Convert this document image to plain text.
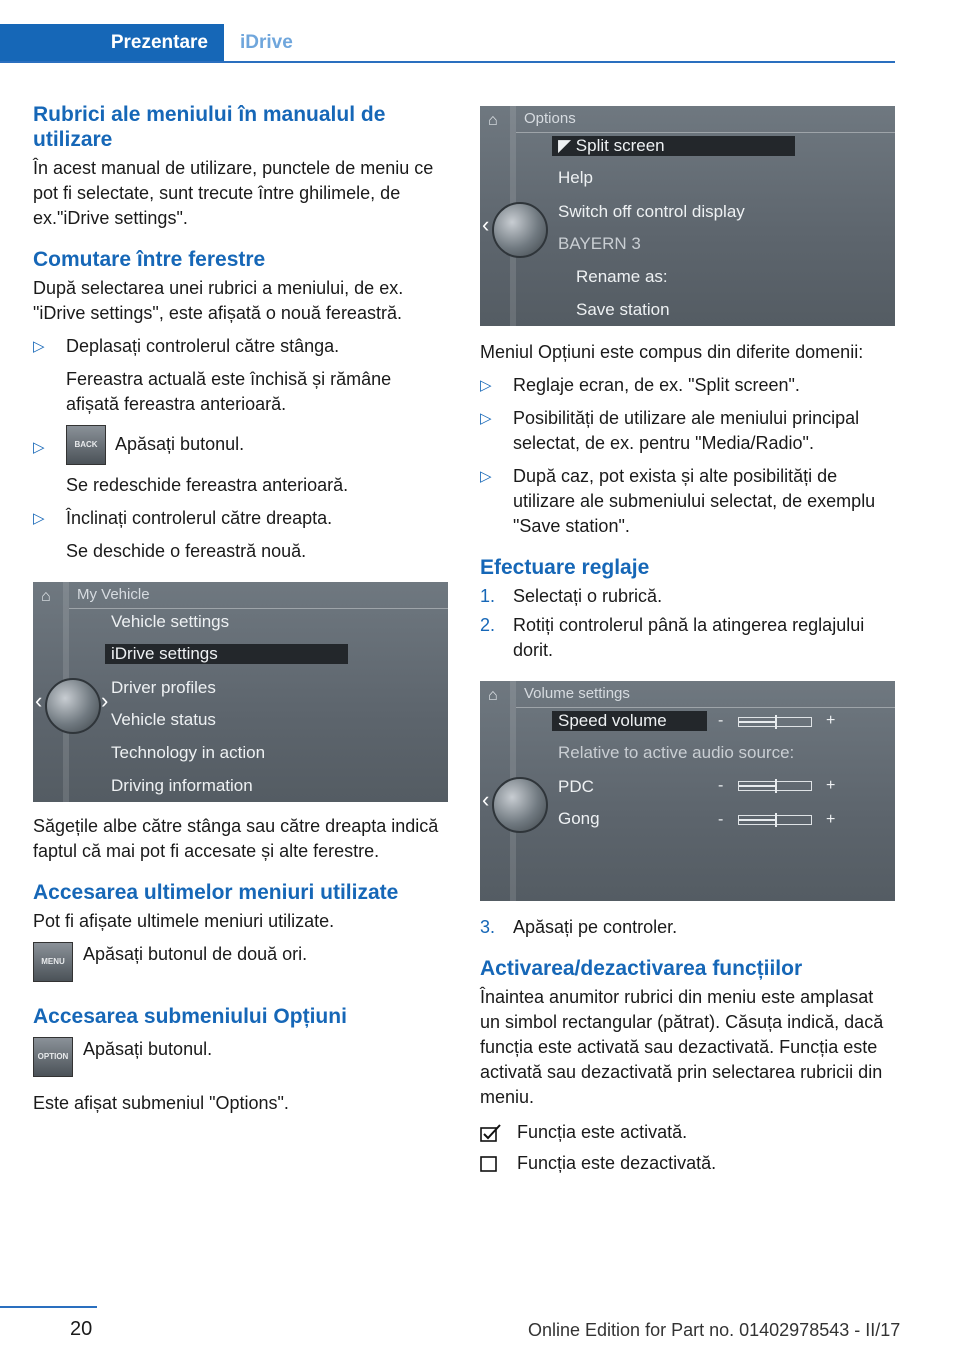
Prezentare	iDrive
Rubrici ale meniului în manualul de utilizare

În acest manual de utilizare, punctele de meniu ce pot fi selectate, sunt trecute între ghilimele, de ex."iDrive settings".

Comutare între ferestre

După selectarea unei rubrici a meniului, de ex. "iDrive settings", este afișată o nouă fereastră.

▷ Deplasați controlerul către stânga.
Fereastra actuală este închisă și rămâne afișată fereastra anterioară.
▷	BACK Apăsați butonul.
Se redeschide fereastra anterioară.
▷ Înclinați controlerul către dreapta.
Se deschide o fereastră nouă.
⌂ My Vehicle
Vehicle settings
iDrive settings
Driver profiles
Vehicle status
Technology in action
Driving information
‹	›

Săgețile albe către stânga sau către dreapta indică faptul că mai pot fi accesate și alte ferestre.

Accesarea ultimelor meniuri utilizate

Pot fi afișate ultimele meniuri utilizate.

MENU	Apăsați butonul de două ori.
Accesarea submeniului Opțiuni
OPTION Apăsați butonul.

Este afișat submeniul "Options".

⌂ Options
◤ Split screen
Help
Switch off control display
BAYERN 3
Rename as:
Save station
‹

Meniul Opțiuni este compus din diferite domenii:

▷ Reglaje ecran, de ex. "Split screen".
▷ Posibilități de utilizare ale meniului principal selectat, de ex. pentru "Media/Radio".
▷ După caz, pot exista și alte posibilități de utilizare ale submeniului selectat, de exemplu "Save station".
Efectuare reglaje
1. Selectați o rubrică.
2. Rotiți controlerul până la atingerea reglajului dorit.
⌂ Volume settings
Speed volume	-	+
Relative to active audio source:
PDC	-	+
Gong	-	+
‹
3. Apăsați pe controler.
Activarea/dezactivarea funcțiilor

Înaintea anumitor rubrici din meniu este amplasat un simbol rectangular (pătrat). Căsuța indică, dacă funcția este activată sau dezactivată. Funcția este activată sau dezactivată prin selectarea rubricii din meniu.

Funcția este activată.
Funcția este dezactivată.
20	Online Edition for Part no. 01402978543 - II/17
